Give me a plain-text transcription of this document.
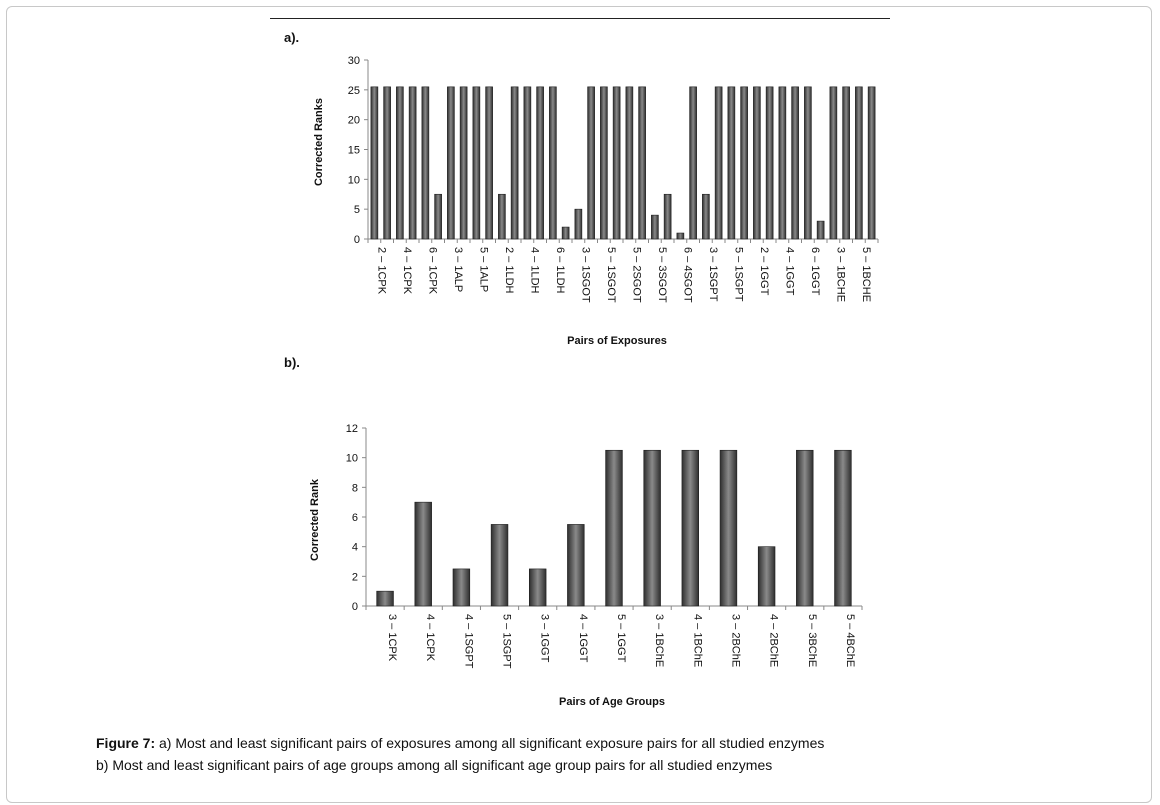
a).
0
5
10
15
20
25
30
2 – 1CPK 4 – 1CPK 6 – 1CPK 3 – 1ALP 5 – 1ALP 2 – 1LDH 4 – 1LDH 6 – 1LDH 3 – 1SGOT 5 – 1SGOT 5 – 2SGOT 5 – 3SGOT 6 – 4SGOT 3 – 1SGPT 5 – 1SGPT 2 – 1GGT 4 – 1GGT 6 – 1GGT 3 – 1BCHE 5 – 1BCHE
Corrected Ranks
Pairs of Exposures
b).
0
2
4
6
8
10
12
3 – 1CPK 4 – 1CPK 4 – 1SGPT 5 – 1SGPT 3 – 1GGT 4 – 1GGT 5 – 1GGT 3 – 1BChE 4 – 1BChE 3 – 2BChE 4 – 2BChE 5 – 3BChE 5 – 4BChE
Corrected Rank
Pairs of Age Groups
Figure 7: a) Most and least significant pairs of exposures among all significant exposure pairs for all studied enzymes
b) Most and least significant pairs of age groups among all significant age group pairs for all studied enzymes
